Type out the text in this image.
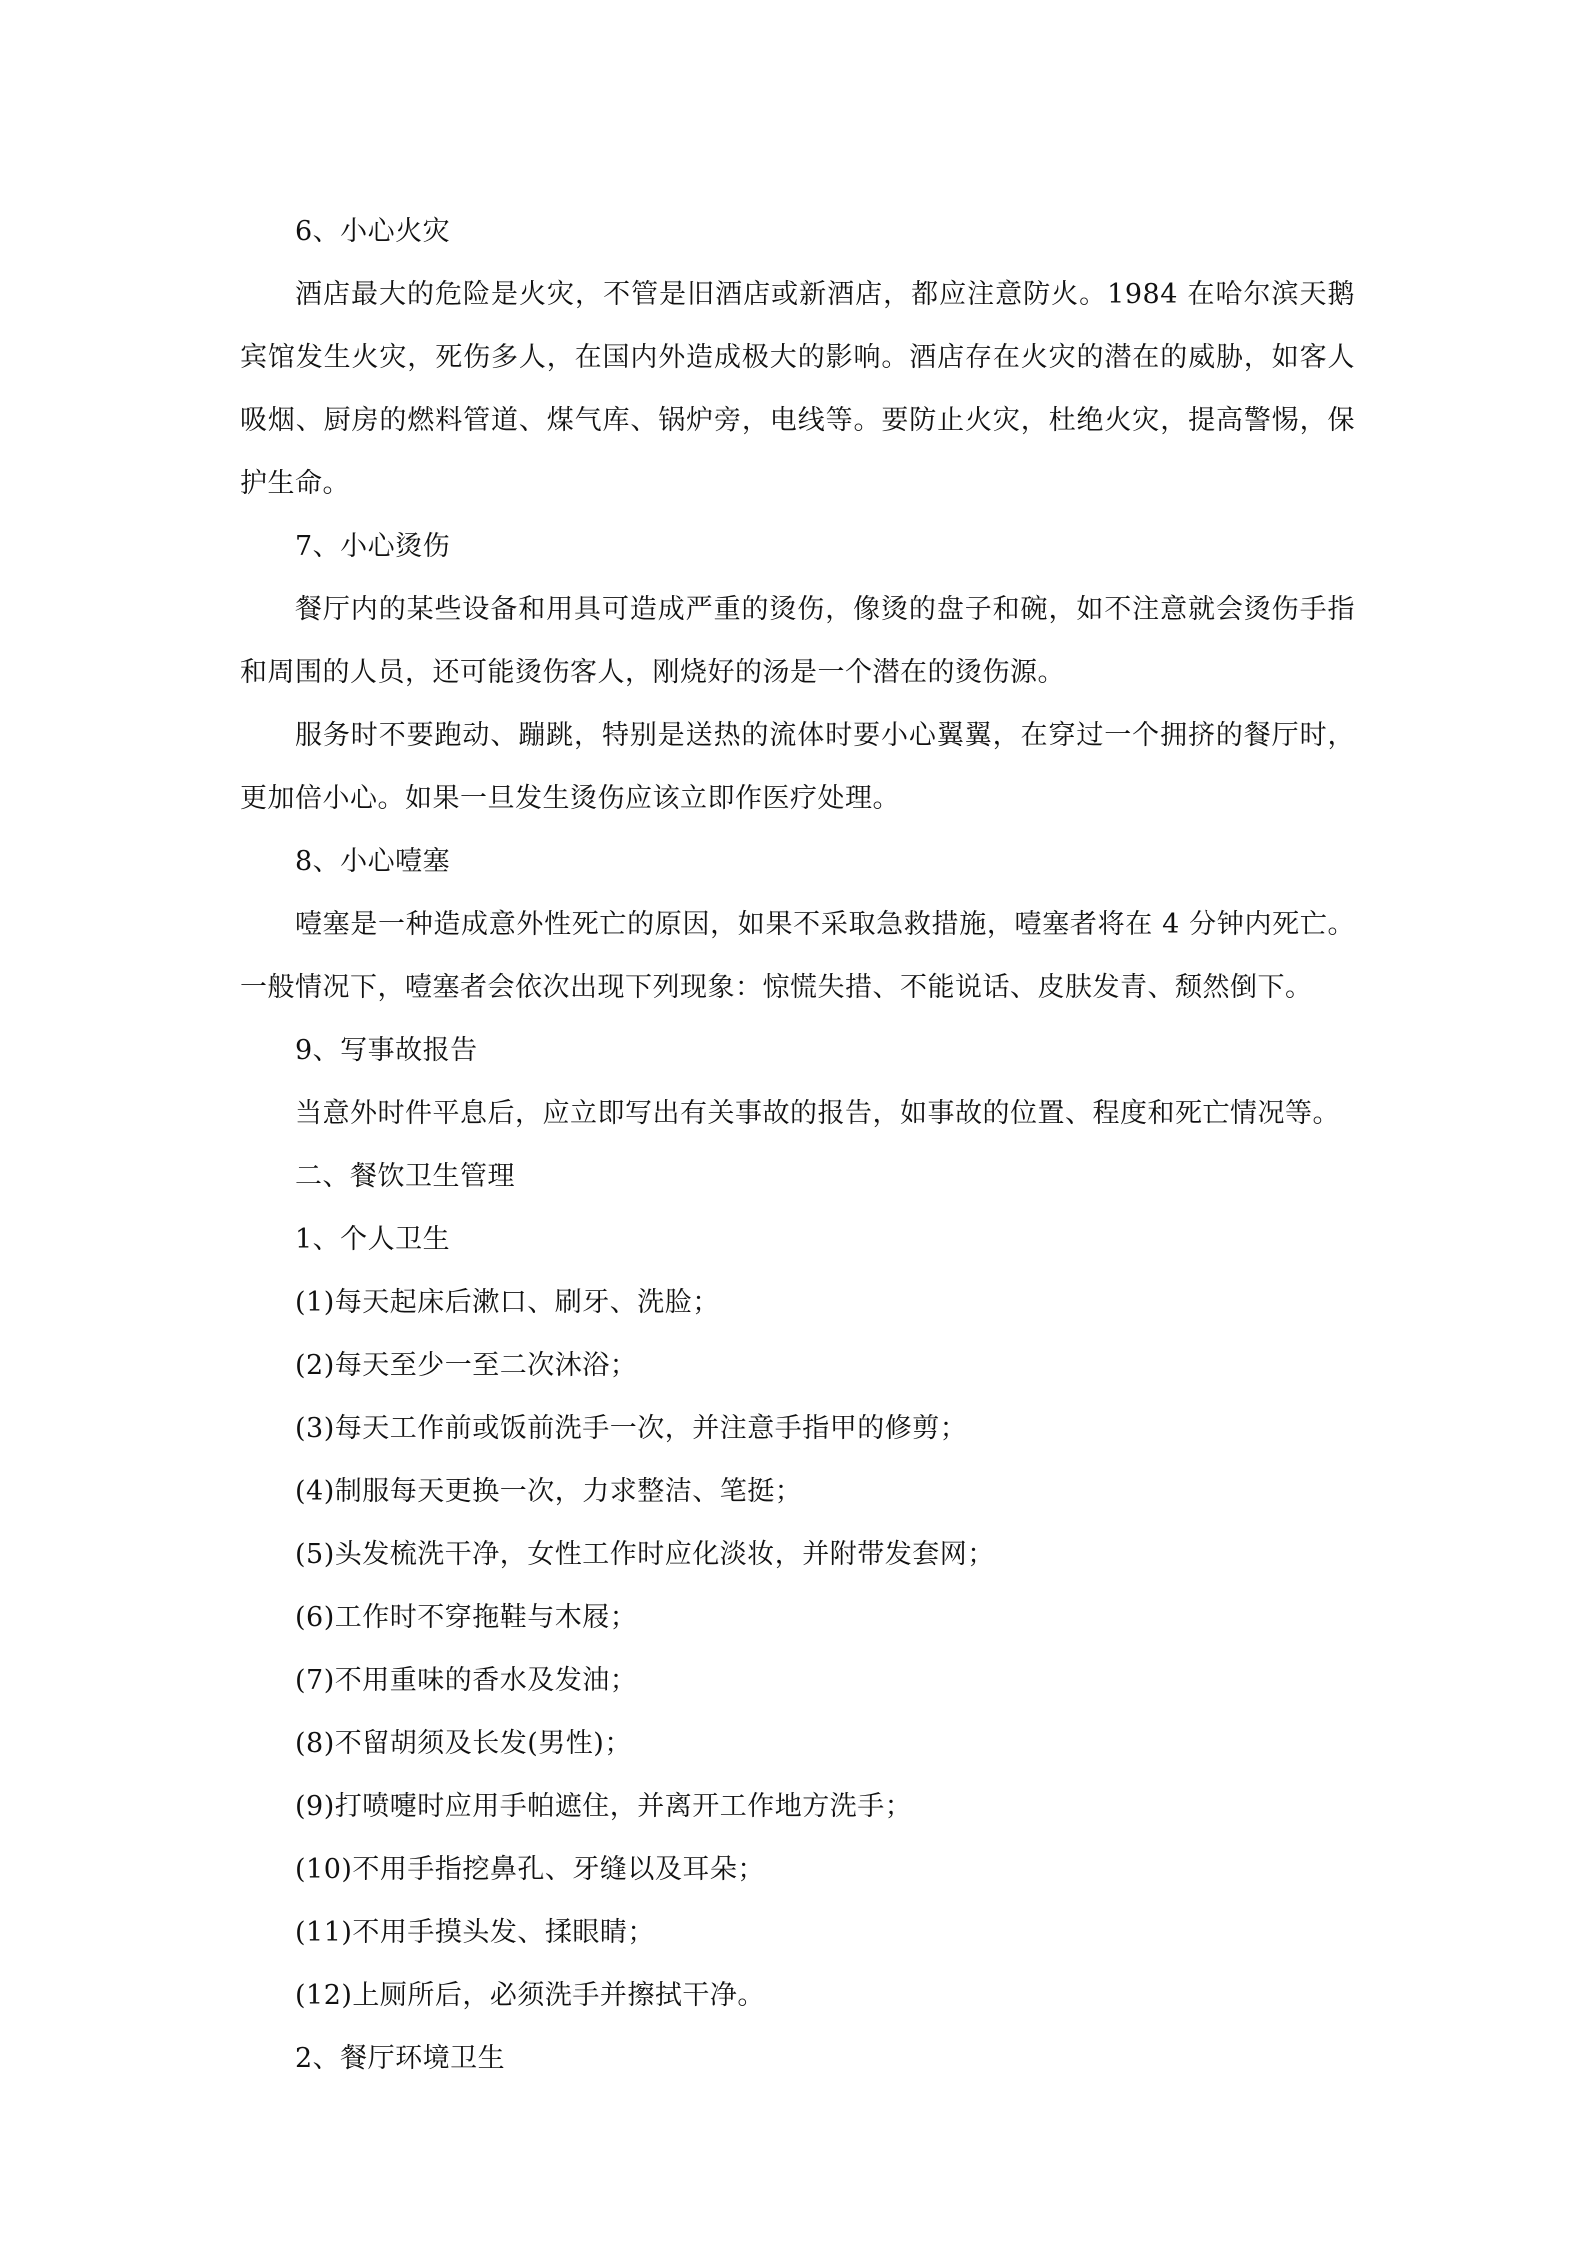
6、小心火灾

酒店最大的危险是火灾，不管是旧酒店或新酒店，都应注意防火。1984 在哈尔滨天鹅宾馆发生火灾，死伤多人，在国内外造成极大的影响。酒店存在火灾的潜在的威胁，如客人吸烟、厨房的燃料管道、煤气库、锅炉旁，电线等。要防止火灾，杜绝火灾，提高警惕，保护生命。

7、小心烫伤

餐厅内的某些设备和用具可造成严重的烫伤，像烫的盘子和碗，如不注意就会烫伤手指和周围的人员，还可能烫伤客人，刚烧好的汤是一个潜在的烫伤源。

服务时不要跑动、蹦跳，特别是送热的流体时要小心翼翼，在穿过一个拥挤的餐厅时，更加倍小心。如果一旦发生烫伤应该立即作医疗处理。

8、小心噎塞

噎塞是一种造成意外性死亡的原因，如果不采取急救措施，噎塞者将在 4 分钟内死亡。一般情况下，噎塞者会依次出现下列现象：惊慌失措、不能说话、皮肤发青、颓然倒下。

9、写事故报告

当意外时件平息后，应立即写出有关事故的报告，如事故的位置、程度和死亡情况等。

二、餐饮卫生管理

1、个人卫生

(1)每天起床后漱口、刷牙、洗脸；

(2)每天至少一至二次沐浴；

(3)每天工作前或饭前洗手一次，并注意手指甲的修剪；

(4)制服每天更换一次，力求整洁、笔挺；

(5)头发梳洗干净，女性工作时应化淡妆，并附带发套网；

(6)工作时不穿拖鞋与木屐；

(7)不用重味的香水及发油；

(8)不留胡须及长发(男性)；

(9)打喷嚏时应用手帕遮住，并离开工作地方洗手；

(10)不用手指挖鼻孔、牙缝以及耳朵；

(11)不用手摸头发、揉眼睛；

(12)上厕所后，必须洗手并擦拭干净。

2、餐厅环境卫生
